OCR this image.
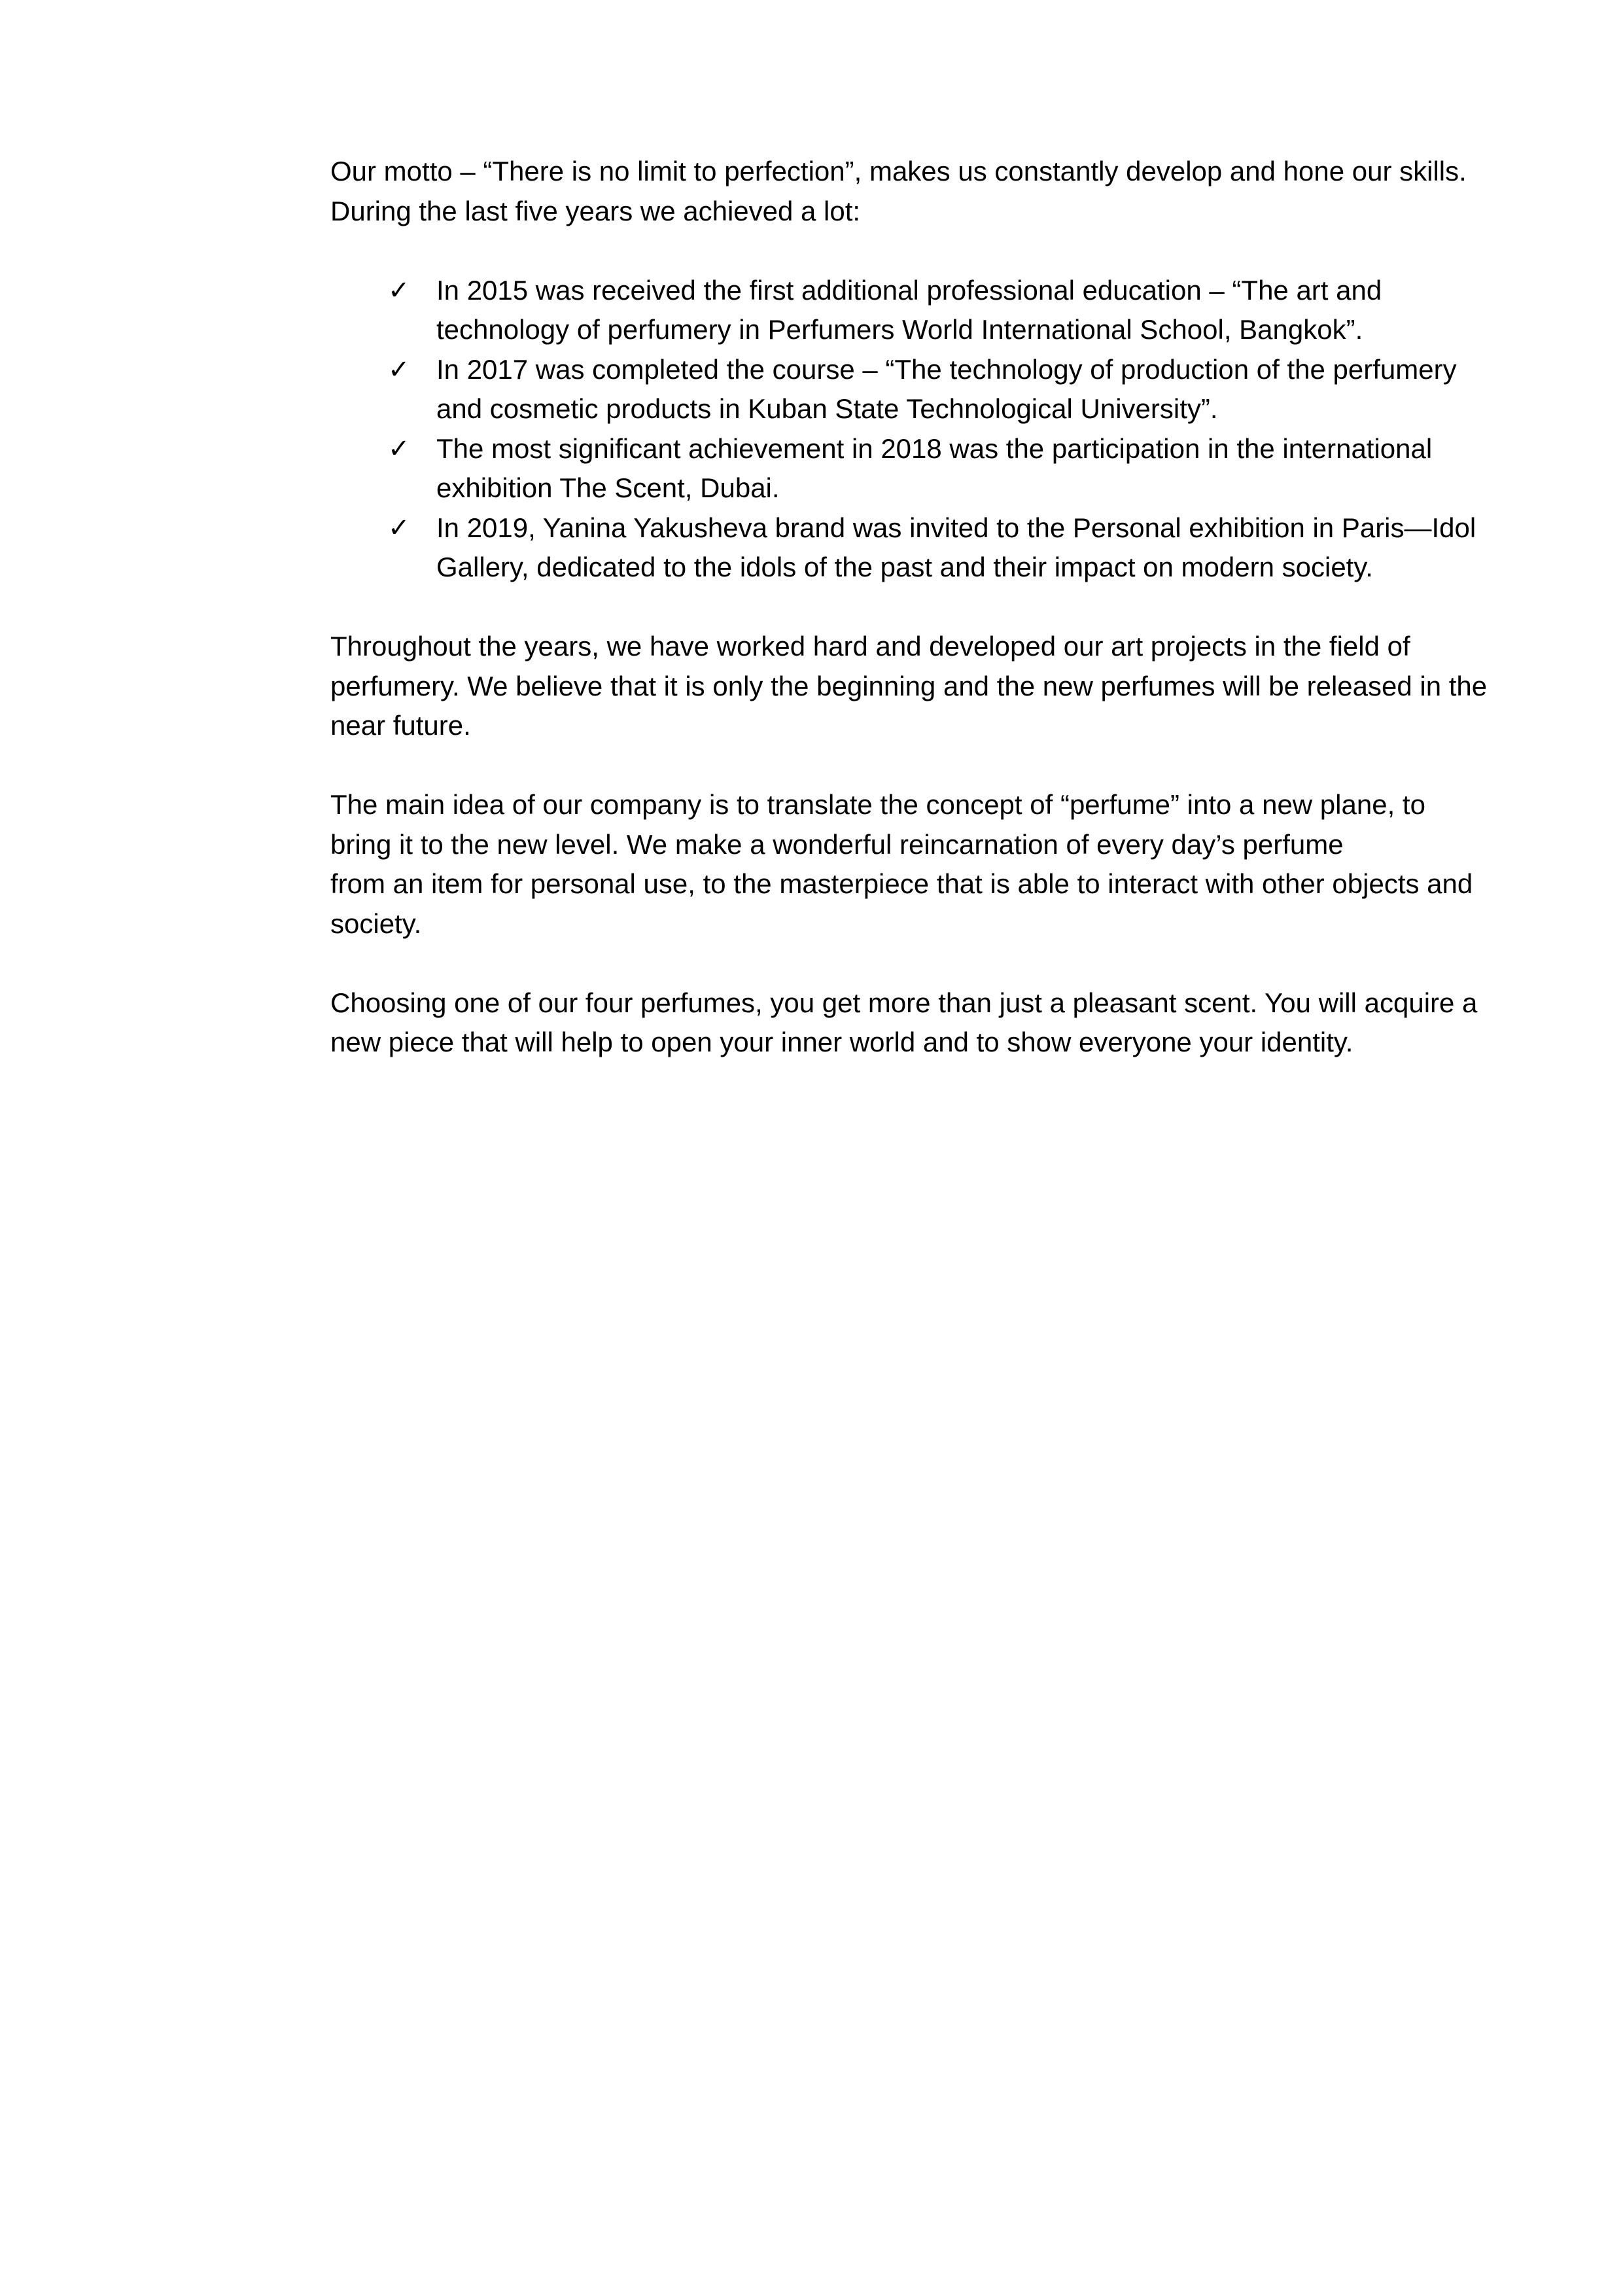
Our motto – “There is no limit to perfection”, makes us constantly develop and hone our skills.
During the last five years we achieved a lot:

✓ In 2015 was received the first additional professional education – “The art and
technology of perfumery in Perfumers World International School, Bangkok”.
✓ In 2017 was completed the course – “The technology of production of the perfumery
and cosmetic products in Kuban State Technological University”.
✓ The most significant achievement in 2018 was the participation in the international
exhibition The Scent, Dubai.
✓ In 2019, Yanina Yakusheva brand was invited to the Personal exhibition in Paris—Idol
Gallery, dedicated to the idols of the past and their impact on modern society.

Throughout the years, we have worked hard and developed our art projects in the field of
perfumery. We believe that it is only the beginning and the new perfumes will be released in the
near future.

The main idea of our company is to translate the concept of “perfume” into a new plane, to
bring it to the new level. We make a wonderful reincarnation of every day’s perfume
from an item for personal use, to the masterpiece that is able to interact with other objects and
society.

Choosing one of our four perfumes, you get more than just a pleasant scent. You will acquire a
new piece that will help to open your inner world and to show everyone your identity.
